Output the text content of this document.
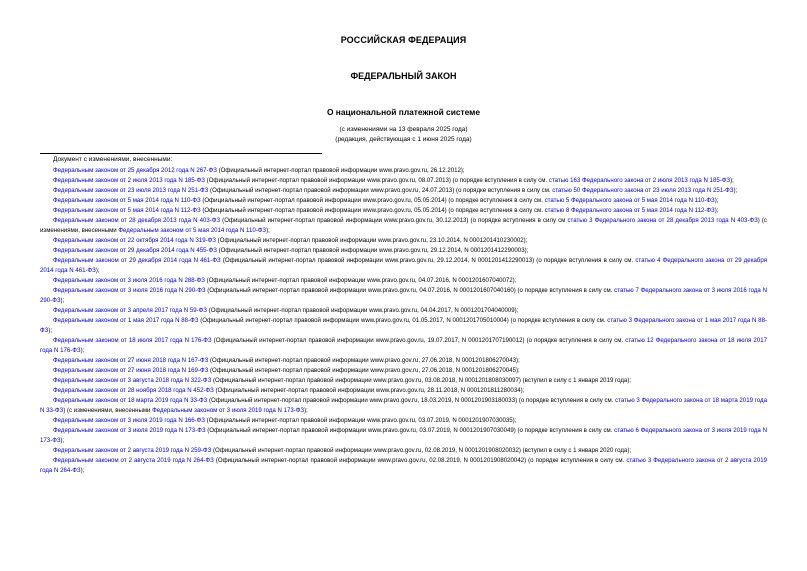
РОССИЙСКАЯ ФЕДЕРАЦИЯ
ФЕДЕРАЛЬНЫЙ ЗАКОН
О национальной платежной системе
(с изменениями на 13 февраля 2025 года)
(редакция, действующая с 1 июня 2025 года)
Документ с изменениями, внесенными:
Федеральным законом от 25 декабря 2012 года N 267-ФЗ (Официальный интернет-портал правовой информации www.pravo.gov.ru, 26.12.2012);
Федеральным законом от 2 июля 2013 года N 185-ФЗ (Официальный интернет-портал правовой информации www.pravo.gov.ru, 08.07.2013) (о порядке вступления в силу см. статью 163 Федерального закона от 2 июля 2013 года N 185-ФЗ);
Федеральным законом от 23 июля 2013 года N 251-ФЗ (Официальный интернет-портал правовой информации www.pravo.gov.ru, 24.07.2013) (о порядке вступления в силу см. статью 50 Федерального закона от 23 июля 2013 года N 251-ФЗ);
Федеральным законом от 5 мая 2014 года N 110-ФЗ (Официальный интернет-портал правовой информации www.pravo.gov.ru, 05.05.2014) (о порядке вступления в силу см. статью 5 Федерального закона от 5 мая 2014 года N 110-ФЗ);
Федеральным законом от 5 мая 2014 года N 112-ФЗ (Официальный интернет-портал правовой информации www.pravo.gov.ru, 05.05.2014) (о порядке вступления в силу см. статью 8 Федерального закона от 5 мая 2014 года N 112-ФЗ);
Федеральным законом от 28 декабря 2013 года N 403-ФЗ (Официальный интернет-портал правовой информации www.pravo.gov.ru, 30.12.2013) (о порядке вступления в силу см статью 3 Федерального закона от 28 декабря 2013 года N 403-ФЗ) (с изменениями, внесенными Федеральным законом от 5 мая 2014 года N 110-ФЗ);
Федеральным законом от 22 октября 2014 года N 319-ФЗ (Официальный интернет-портал правовой информации www.pravo.gov.ru, 23.10.2014, N 0001201410230002);
Федеральным законом от 29 декабря 2014 года N 455-ФЗ (Официальный интернет-портал правовой информации www.pravo.gov.ru, 29.12.2014, N 0001201412290003);
Федеральным законом от 29 декабря 2014 года N 461-ФЗ (Официальный интернет-портал правовой информации www.pravo.gov.ru, 29.12.2014, N 0001201412290013) (о порядке вступления в силу см. статью 4 Федерального закона от 29 декабря 2014 года N 461-ФЗ);
Федеральным законом от 3 июля 2016 года N 288-ФЗ (Официальный интернет-портал правовой информации www.pravo.gov.ru, 04.07.2016, N 0001201607040072);
Федеральным законом от 3 июля 2016 года N 290-ФЗ (Официальный интернет-портал правовой информации www.pravo.gov.ru, 04.07.2016, N 0001201607040160) (о порядке вступления в силу см. статью 7 Федерального закона от 3 июля 2016 года N 290-ФЗ);
Федеральным законом от 3 апреля 2017 года N 59-ФЗ (Официальный интернет-портал правовой информации www.pravo.gov.ru, 04.04.2017, N 0001201704040009);
Федеральным законом от 1 мая 2017 года N 88-ФЗ (Официальный интернет-портал правовой информации www.pravo.gov.ru, 01.05.2017, N 0001201705010004) (о порядке вступления в силу см. статью 3 Федерального закона от 1 мая 2017 года N 88-ФЗ);
Федеральным законом от 18 июля 2017 года N 176-ФЗ (Официальный интернет-портал правовой информации www.pravo.gov.ru, 19.07.2017, N 0001201707190012) (о порядке вступления в силу см. статью 12 Федерального закона от 18 июля 2017 года N 176-ФЗ);
Федеральным законом от 27 июня 2018 года N 167-ФЗ (Официальный интернет-портал правовой информации www.pravo.gov.ru, 27.06.2018, N 0001201806270043);
Федеральным законом от 27 июня 2018 года N 169-ФЗ (Официальный интернет-портал правовой информации www.pravo.gov.ru, 27.06.2018, N 0001201806270045);
Федеральным законом от 3 августа 2018 года N 322-ФЗ (Официальный интернет-портал правовой информации www.pravo.gov.ru, 03.08.2018, N 0001201808030097) (вступил в силу с 1 января 2019 года);
Федеральным законом от 28 ноября 2018 года N 452-ФЗ (Официальный интернет-портал правовой информации www.pravo.gov.ru, 28.11.2018, N 0001201811280034);
Федеральным законом от 18 марта 2019 года N 33-ФЗ (Официальный интернет-портал правовой информации www.pravo.gov.ru, 18.03.2019, N 0001201903180033) (о порядке вступления в силу см. статью 3 Федерального закона от 18 марта 2019 года N 33-ФЗ) (с изменениями, внесенными Федеральным законом от 3 июля 2019 года N 173-ФЗ);
Федеральным законом от 3 июля 2019 года N 166-ФЗ (Официальный интернет-портал правовой информации www.pravo.gov.ru, 03.07.2019, N 0001201907030035);
Федеральным законом от 3 июля 2019 года N 173-ФЗ (Официальный интернет-портал правовой информации www.pravo.gov.ru, 03.07.2019, N 0001201907030049) (о порядке вступления в силу см. статью 6 Федерального закона от 3 июля 2019 года N 173-ФЗ);
Федеральным законом от 2 августа 2019 года N 259-ФЗ (Официальный интернет-портал правовой информации www.pravo.gov.ru, 02.08.2019, N 0001201908020032) (вступил в силу с 1 января 2020 года);
Федеральным законом от 2 августа 2019 года N 264-ФЗ (Официальный интернет-портал правовой информации www.pravo.gov.ru, 02.08.2019, N 0001201908020042) (о порядке вступления в силу см. статью 3 Федерального закона от 2 августа 2019 года N 264-ФЗ);
